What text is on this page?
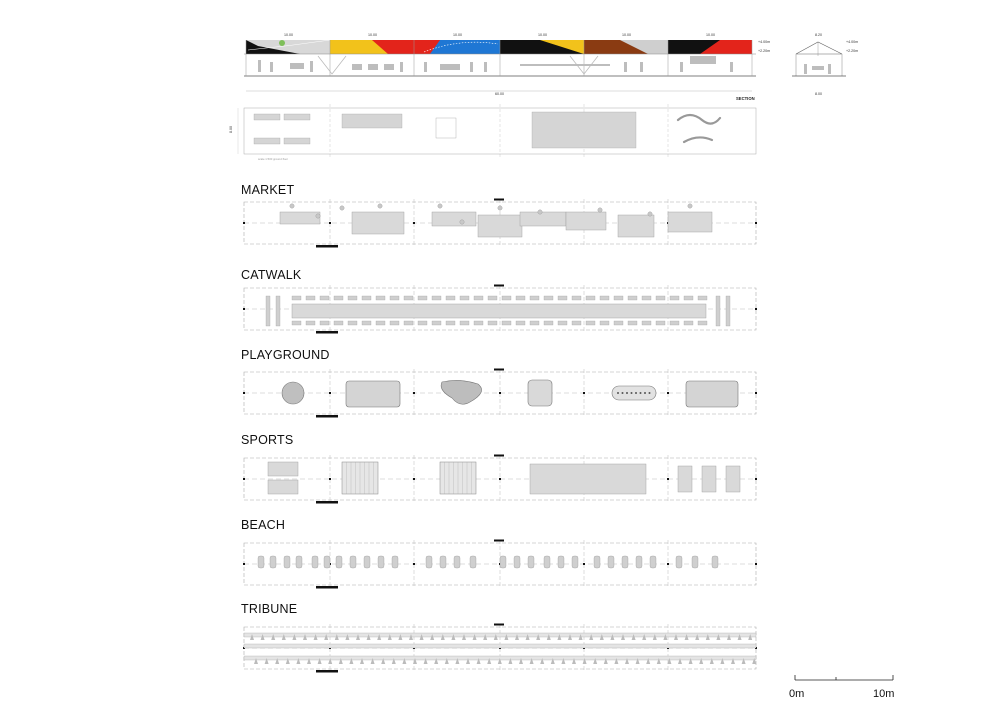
SECTION
10.00	10.00	10.00	10.00	10.00	10.00
60.00
+4.00m
+2.20m
8.20
+4.00m
+2.20m
8.00
8.00
scale 1:500 ground floor
0m	10m
MARKET
CATWALK
PLAYGROUND
SPORTS
BEACH
TRIBUNE
